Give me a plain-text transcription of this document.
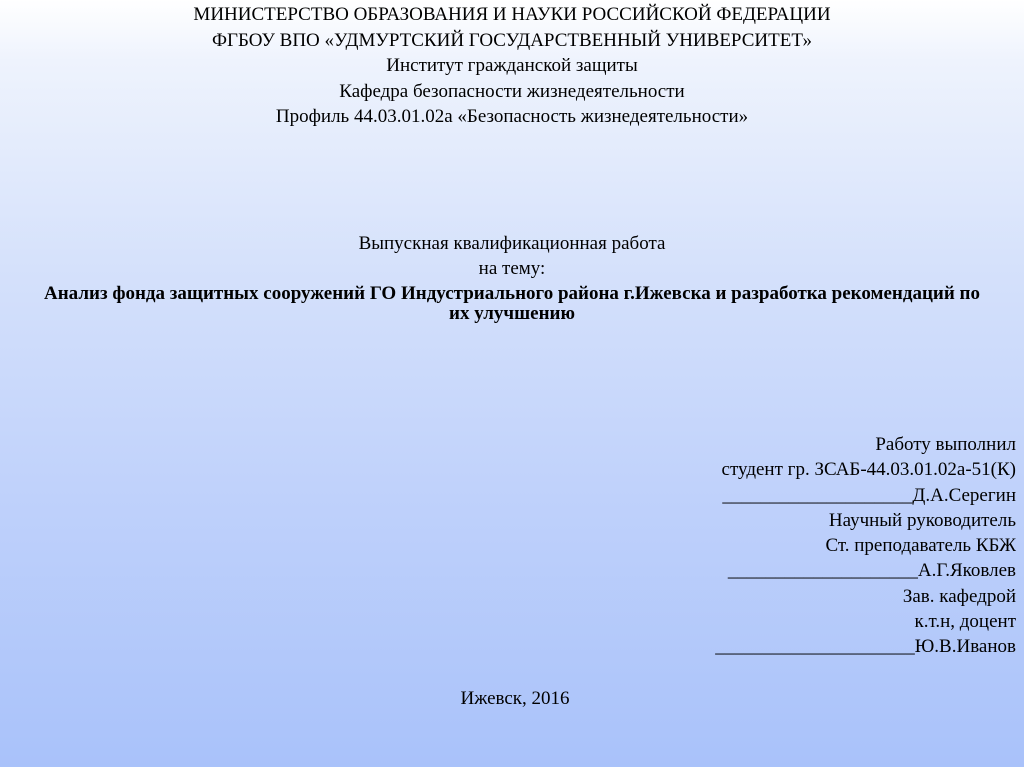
МИНИСТЕРСТВО ОБРАЗОВАНИЯ И НАУКИ РОССИЙСКОЙ ФЕДЕРАЦИИ
ФГБОУ ВПО «УДМУРТСКИЙ ГОСУДАРСТВЕННЫЙ УНИВЕРСИТЕТ»
Институт гражданской защиты
Кафедра безопасности жизнедеятельности
Профиль 44.03.01.02а «Безопасность жизнедеятельности»
Выпускная квалификационная работа
на тему:
Анализ фонда защитных сооружений ГО Индустриального района г.Ижевска и разработка рекомендаций по их улучшению
Работу выполнил
студент гр. ЗСАБ-44.03.01.02а-51(К)
____________________Д.А.Серегин
Научный руководитель
Ст. преподаватель КБЖ
____________________А.Г.Яковлев
Зав. кафедрой
к.т.н, доцент
_____________________Ю.В.Иванов
Ижевск, 2016
